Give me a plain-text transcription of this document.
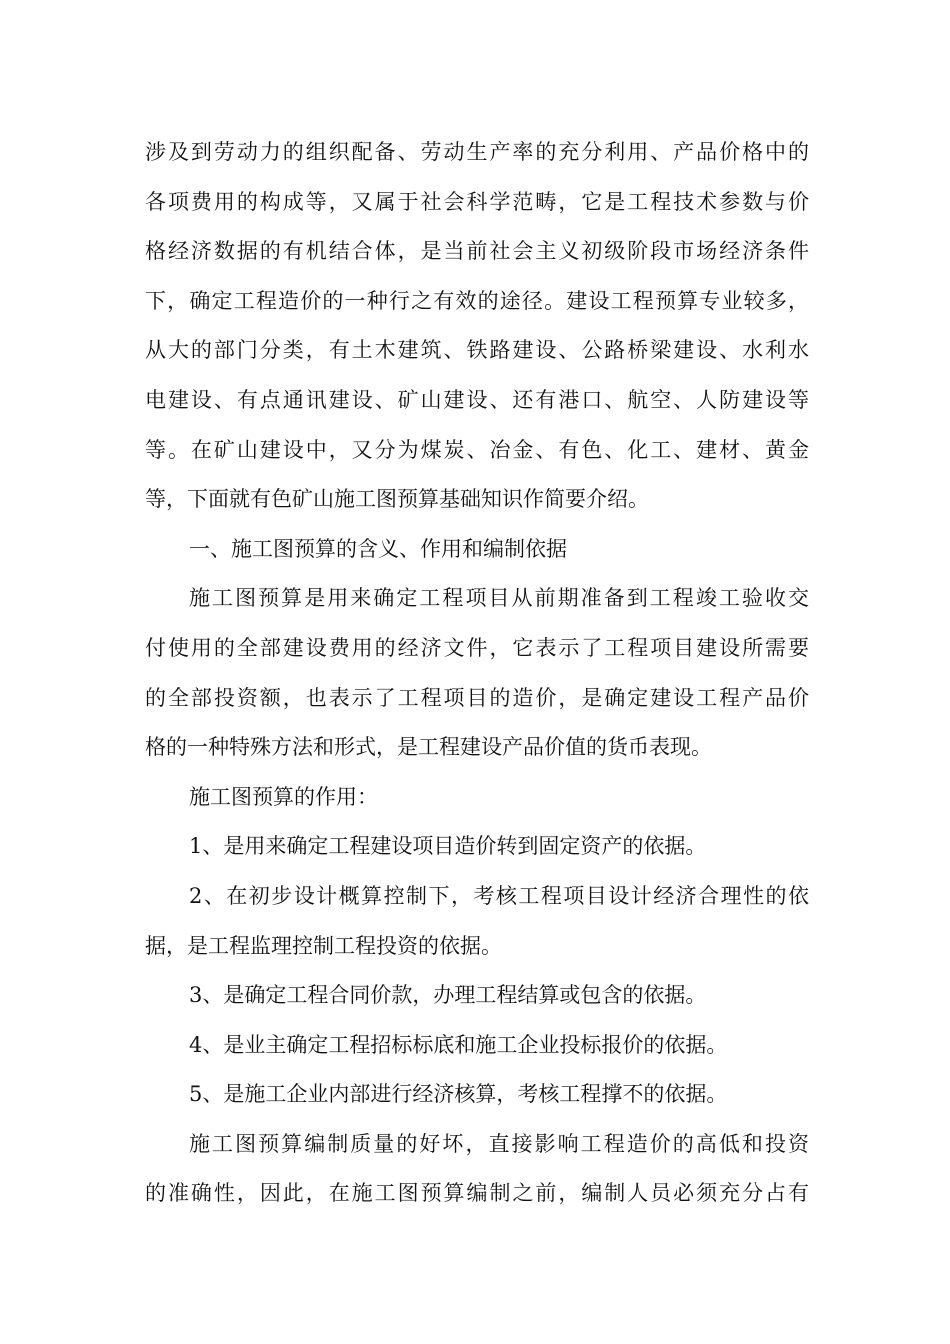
涉及到劳动力的组织配备、劳动生产率的充分利用、产品价格中的
各项费用的构成等，又属于社会科学范畴，它是工程技术参数与价
格经济数据的有机结合体，是当前社会主义初级阶段市场经济条件
下，确定工程造价的一种行之有效的途径。建设工程预算专业较多，
从大的部门分类，有土木建筑、铁路建设、公路桥梁建设、水利水
电建设、有点通讯建设、矿山建设、还有港口、航空、人防建设等
等。在矿山建设中，又分为煤炭、冶金、有色、化工、建材、黄金
等，下面就有色矿山施工图预算基础知识作简要介绍。
一、施工图预算的含义、作用和编制依据
施工图预算是用来确定工程项目从前期准备到工程竣工验收交
付使用的全部建设费用的经济文件，它表示了工程项目建设所需要
的全部投资额，也表示了工程项目的造价，是确定建设工程产品价
格的一种特殊方法和形式，是工程建设产品价值的货币表现。
施工图预算的作用：
1、是用来确定工程建设项目造价转到固定资产的依据。
2、在初步设计概算控制下，考核工程项目设计经济合理性的依
据，是工程监理控制工程投资的依据。
3、是确定工程合同价款，办理工程结算或包含的依据。
4、是业主确定工程招标标底和施工企业投标报价的依据。
5、是施工企业内部进行经济核算，考核工程撑不的依据。
施工图预算编制质量的好坏，直接影响工程造价的高低和投资
的准确性，因此，在施工图预算编制之前，编制人员必须充分占有
